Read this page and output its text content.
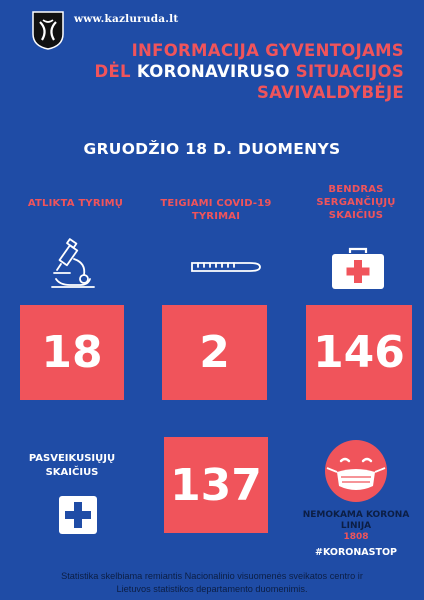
www.kazluruda.lt
INFORMACIJA GYVENTOJAMS
DĖL KORONAVIRUSO SITUACIJOS
SAVIVALDYBĖJE
GRUODŽIO 18 D. DUOMENYS
ATLIKTA TYRIMŲ	TEIGIAMI COVID-19
TYRIMAI
BENDRAS
SERGANČIŲJŲ
SKAIČIUS
18	2	146
137
PASVEIKUSIŲJŲ
SKAIČIUS
NEMOKAMA KORONA
LINIJA
1808
#KORONASTOP
Statistika skelbiama remiantis Nacionalinio visuomenės sveikatos centro ir
Lietuvos statistikos departamento duomenimis.
